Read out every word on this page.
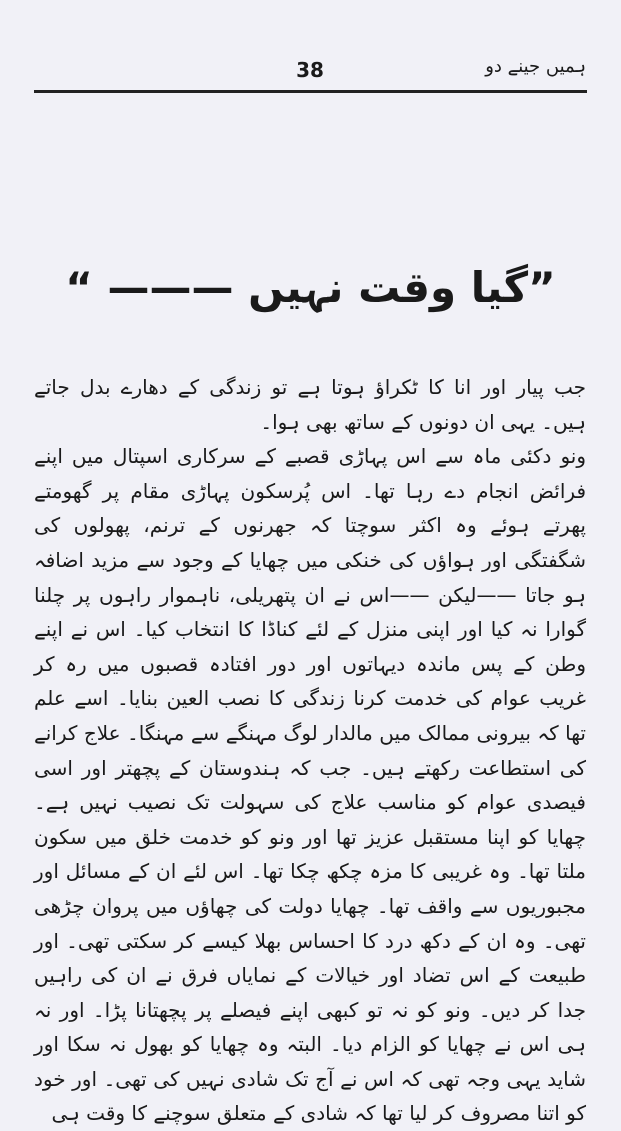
38	ہمیں جینے دو
”گیا وقت نہیں ——— “

جب پیار اور انا کا ٹکراؤ ہوتا ہے تو زندگی کے دھارے بدل جاتے ہیں۔ یہی ان دونوں کے ساتھ بھی ہوا۔

ونو دکئی ماہ سے اس پہاڑی قصبے کے سرکاری اسپتال میں اپنے فرائض انجام دے رہا تھا۔ اس پُرسکون پہاڑی مقام پر گھومتے پھرتے ہوئے وہ اکثر سوچتا کہ جھرنوں کے ترنم، پھولوں کی شگفتگی اور ہواؤں کی خنکی میں چھایا کے وجود سے مزید اضافہ ہو جاتا ——لیکن ——اس نے ان پتھریلی، ناہموار راہوں پر چلنا گوارا نہ کیا اور اپنی منزل کے لئے کناڈا کا انتخاب کیا۔ اس نے اپنے وطن کے پس ماندہ دیہاتوں اور دور افتادہ قصبوں میں رہ کر غریب عوام کی خدمت کرنا زندگی کا نصب العین بنایا۔ اسے علم تھا کہ بیرونی ممالک میں مالدار لوگ مہنگے سے مہنگا۔ علاج کرانے کی استطاعت رکھتے ہیں۔ جب کہ ہندوستان کے پچھتر اور اسی فیصدی عوام کو مناسب علاج کی سہولت تک نصیب نہیں ہے۔ چھایا کو اپنا مستقبل عزیز تھا اور ونو کو خدمت خلق میں سکون ملتا تھا۔ وہ غریبی کا مزہ چکھ چکا تھا۔ اس لئے ان کے مسائل اور مجبوریوں سے واقف تھا۔ چھایا دولت کی چھاؤں میں پروان چڑھی تھی۔ وہ ان کے دکھ درد کا احساس بھلا کیسے کر سکتی تھی۔ اور طبیعت کے اس تضاد اور خیالات کے نمایاں فرق نے ان کی راہیں جدا کر دیں۔ ونو کو نہ تو کبھی اپنے فیصلے پر پچھتانا پڑا۔ اور نہ ہی اس نے چھایا کو الزام دیا۔ البتہ وہ چھایا کو بھول نہ سکا اور شاید یہی وجہ تھی کہ اس نے آج تک شادی نہیں کی تھی۔ اور خود کو اتنا مصروف کر لیا تھا کہ شادی کے متعلق سوچنے کا وقت ہی
